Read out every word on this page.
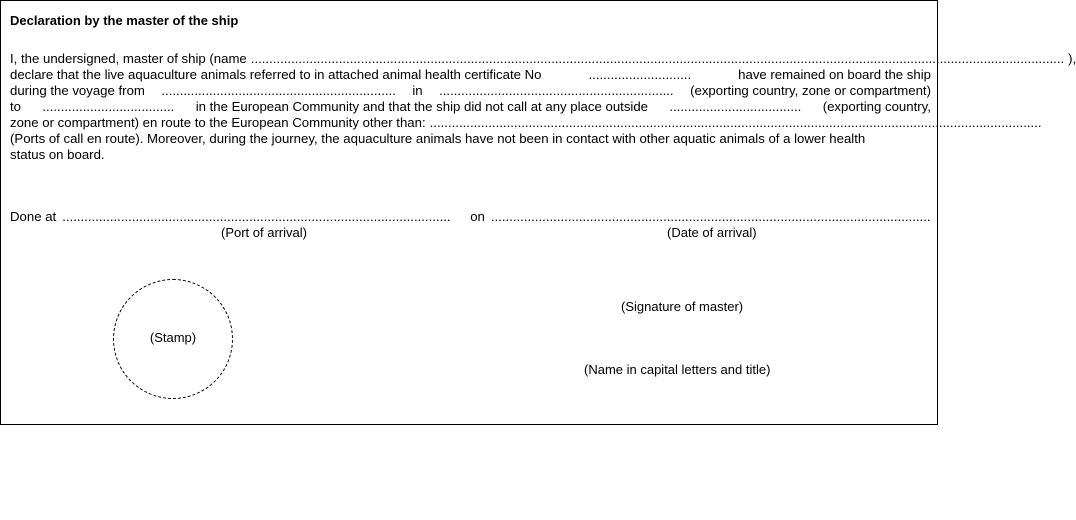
Declaration by the master of the ship
I, the undersigned, master of ship (name .............................................................................................................................................................................................................................. ),
declare that the live aquaculture animals referred to in attached animal health certificate No	............................	have remained on board the ship
during the voyage from ................................................................ in ................................................................ (exporting country, zone or compartment)
to .................................... in the European Community and that the ship did not call at any place outside .................................... (exporting country,
zone or compartment) en route to the European Community other than: .......................................................................................................................................................................
(Ports of call en route). Moreover, during the journey, the aquaculture animals have not been in contact with other aquatic animals of a lower health
status on board.
Done at ..........................................................................................................	on ........................................................................................................................
(Port of arrival)	(Date of arrival)
(Stamp)
(Signature of master)
(Name in capital letters and title)
